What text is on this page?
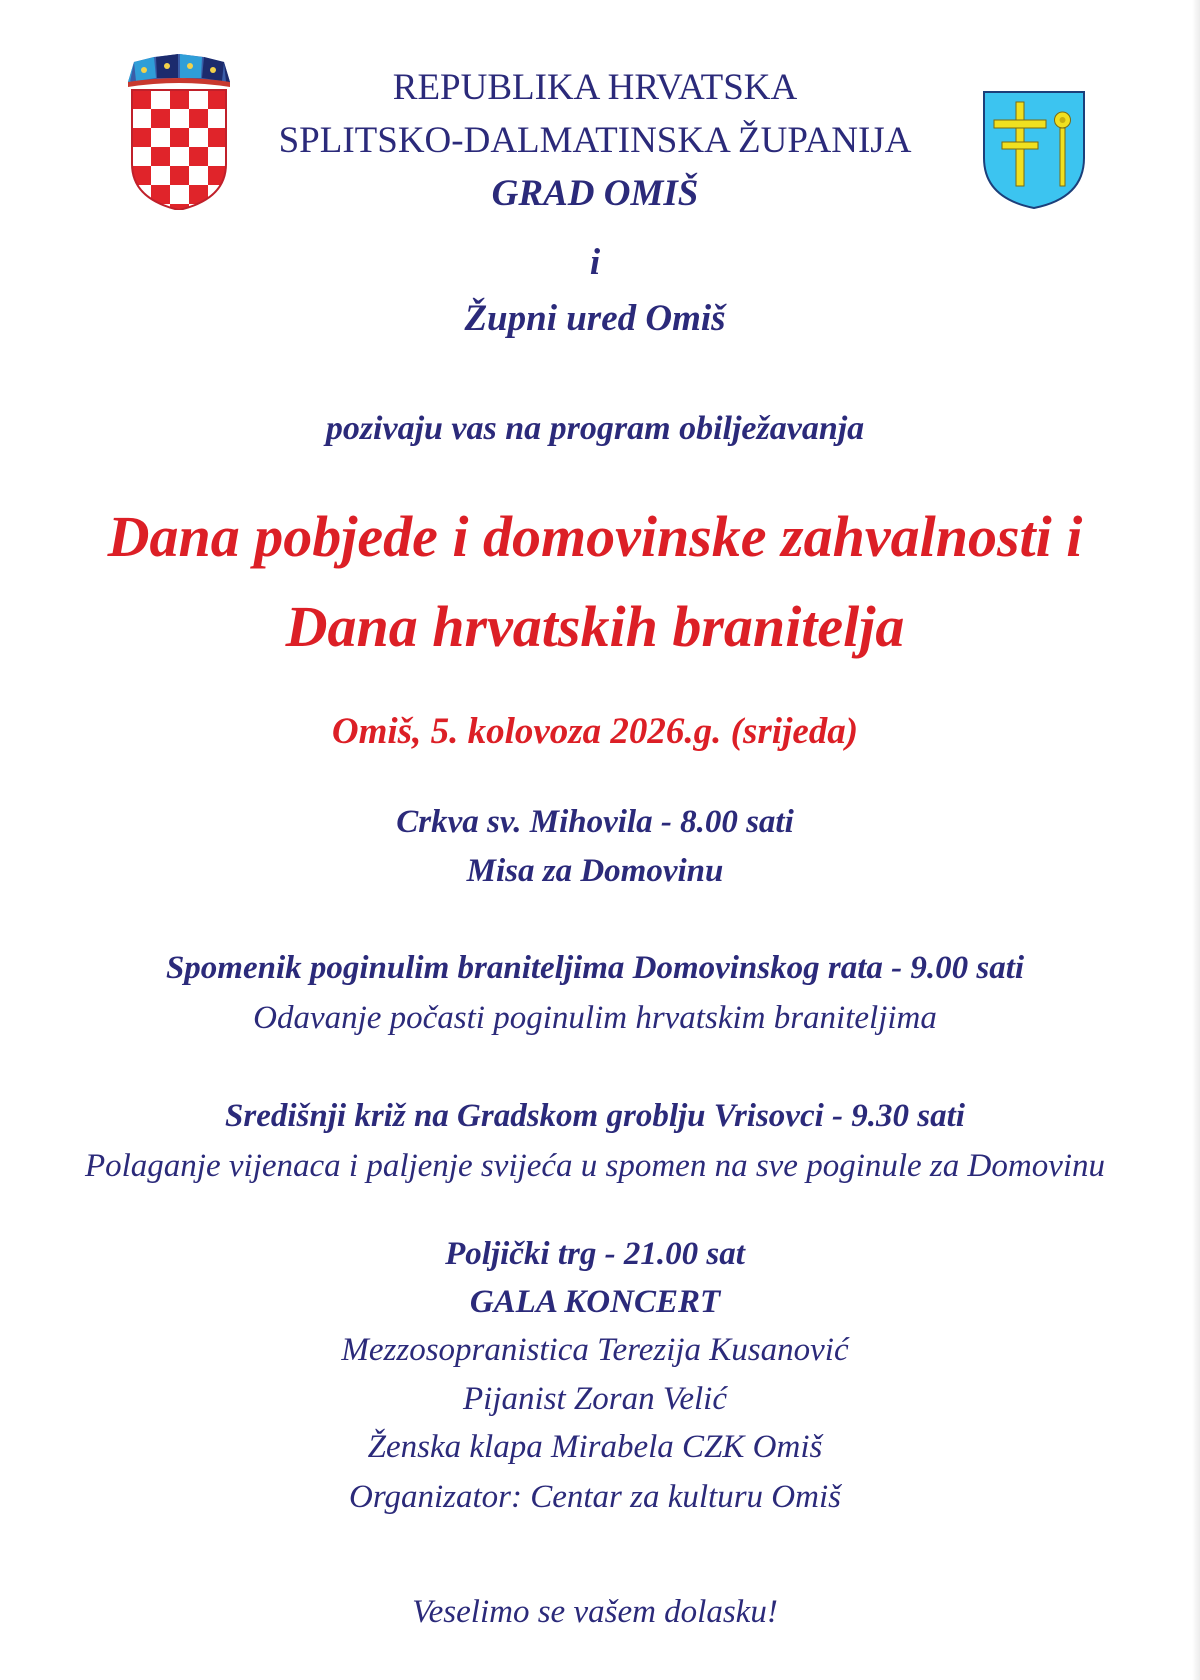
REPUBLIKA HRVATSKA
SPLITSKO-DALMATINSKA ŽUPANIJA
GRAD OMIŠ
i
Župni ured Omiš
pozivaju vas na program obilježavanja
Dana pobjede i domovinske zahvalnosti i
Dana hrvatskih branitelja
Omiš, 5. kolovoza 2026.g. (srijeda)
Crkva sv. Mihovila - 8.00 sati
Misa za Domovinu
Spomenik poginulim braniteljima Domovinskog rata - 9.00 sati
Odavanje počasti poginulim hrvatskim braniteljima
Središnji križ na Gradskom groblju Vrisovci - 9.30 sati
Polaganje vijenaca i paljenje svijeća u spomen na sve poginule za Domovinu
Poljički trg - 21.00 sat
GALA KONCERT
Mezzosopranistica Terezija Kusanović
Pijanist Zoran Velić
Ženska klapa Mirabela CZK Omiš
Organizator: Centar za kulturu Omiš
Veselimo se vašem dolasku!
